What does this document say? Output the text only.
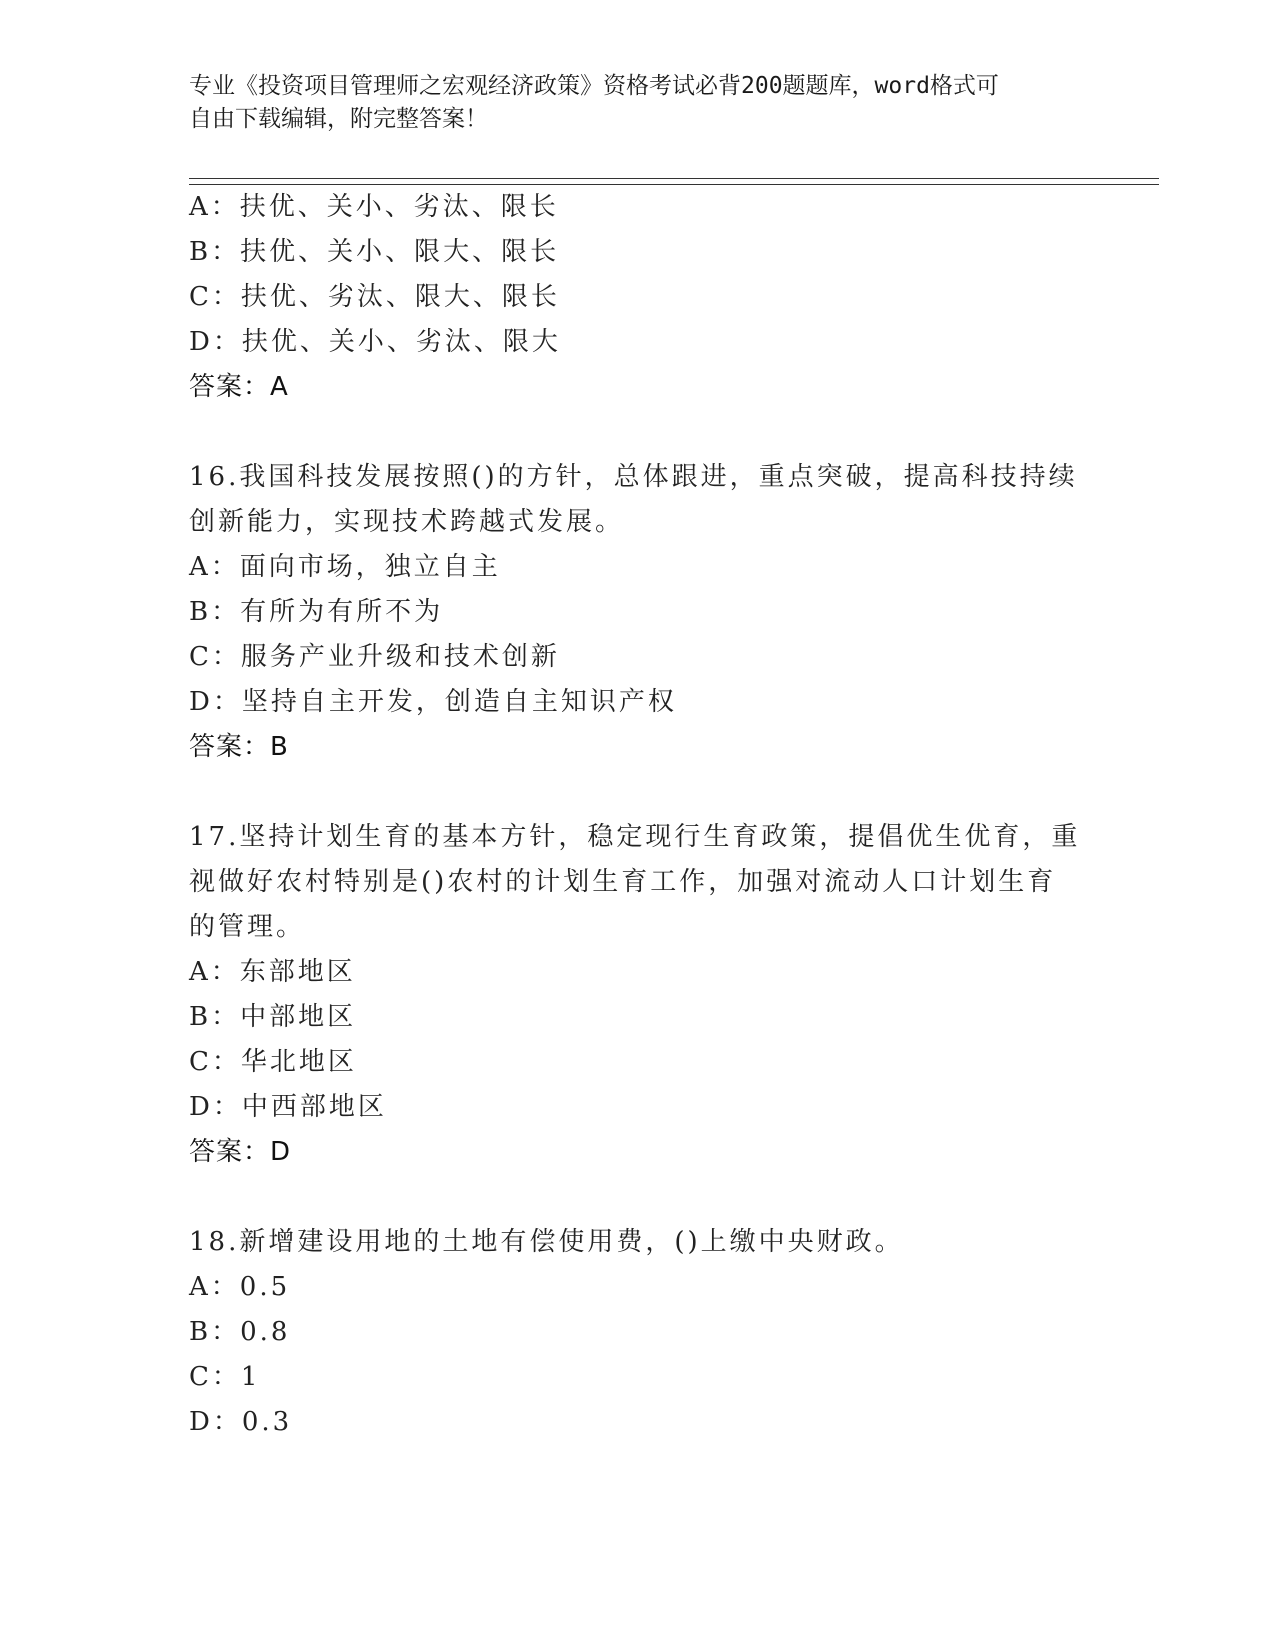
专业《投资项目管理师之宏观经济政策》资格考试必背200题题库，word格式可
自由下载编辑，附完整答案！
A：扶优、关小、劣汰、限长
B：扶优、关小、限大、限长
C：扶优、劣汰、限大、限长
D：扶优、关小、劣汰、限大
答案：A
16.我国科技发展按照()的方针，总体跟进，重点突破，提高科技持续
创新能力，实现技术跨越式发展。
A：面向市场，独立自主
B：有所为有所不为
C：服务产业升级和技术创新
D：坚持自主开发，创造自主知识产权
答案：B
17.坚持计划生育的基本方针，稳定现行生育政策，提倡优生优育，重
视做好农村特别是()农村的计划生育工作，加强对流动人口计划生育
的管理。
A：东部地区
B：中部地区
C：华北地区
D：中西部地区
答案：D
18.新增建设用地的土地有偿使用费，()上缴中央财政。
A：0.5
B：0.8
C：1
D：0.3
